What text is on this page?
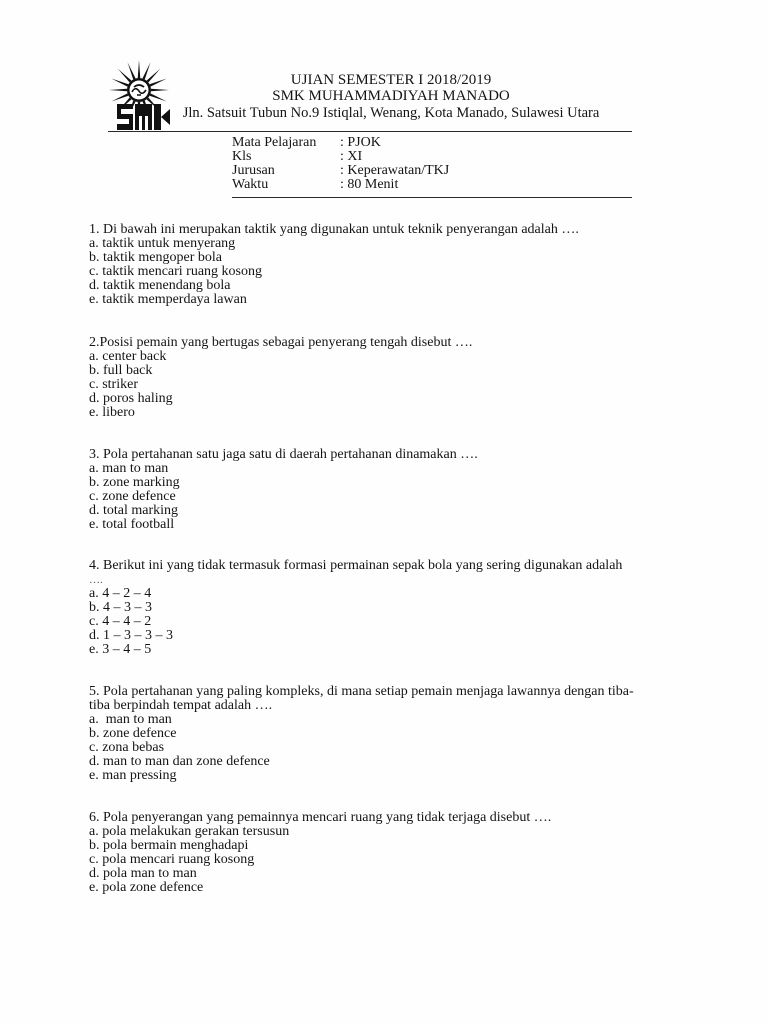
UJIAN SEMESTER I 2018/2019
SMK MUHAMMADIYAH MANADO
Jln. Satsuit Tubun No.9 Istiqlal, Wenang, Kota Manado, Sulawesi Utara
Mata Pelajaran : PJOK
Kls	: XI
Jurusan	: Keperawatan/TKJ
Waktu	: 80 Menit
1. Di bawah ini merupakan taktik yang digunakan untuk teknik penyerangan adalah ….
a. taktik untuk menyerang
b. taktik mengoper bola
c. taktik mencari ruang kosong
d. taktik menendang bola
e. taktik memperdaya lawan
2.Posisi pemain yang bertugas sebagai penyerang tengah disebut ….
a. center back
b. full back
c. striker
d. poros haling
e. libero
3. Pola pertahanan satu jaga satu di daerah pertahanan dinamakan ….
a. man to man
b. zone marking
c. zone defence
d. total marking
e. total football
4. Berikut ini yang tidak termasuk formasi permainan sepak bola yang sering digunakan adalah
….
a. 4 – 2 – 4
b. 4 – 3 – 3
c. 4 – 4 – 2
d. 1 – 3 – 3 – 3
e. 3 – 4 – 5
5. Pola pertahanan yang paling kompleks, di mana setiap pemain menjaga lawannya dengan tiba-
tiba berpindah tempat adalah ….
a.  man to man
b. zone defence
c. zona bebas
d. man to man dan zone defence
e. man pressing
6. Pola penyerangan yang pemainnya mencari ruang yang tidak terjaga disebut ….
a. pola melakukan gerakan tersusun
b. pola bermain menghadapi
c. pola mencari ruang kosong
d. pola man to man
e. pola zone defence
